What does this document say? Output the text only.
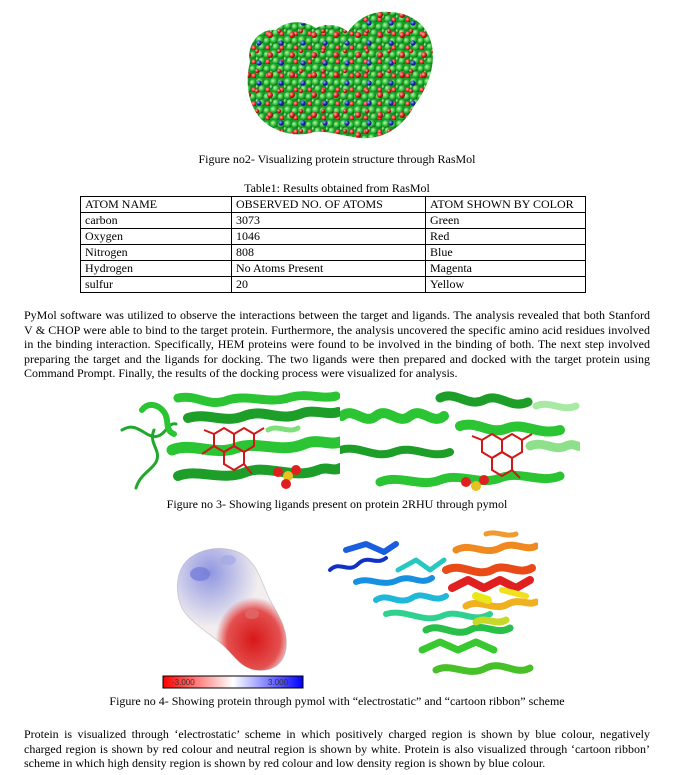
Figure no2- Visualizing protein structure through RasMol
Table1: Results obtained from RasMol
ATOM NAME	OBSERVED NO. OF ATOMS	ATOM SHOWN BY COLOR
carbon	3073	Green
Oxygen	1046	Red
Nitrogen	808	Blue
Hydrogen	No Atoms Present	Magenta
sulfur	20	Yellow
PyMol software was utilized to observe the interactions between the target and ligands. The analysis revealed that both Stanford V & CHOP were able to bind to the target protein. Furthermore, the analysis uncovered the specific amino acid residues involved in the binding interaction. Specifically, HEM proteins were found to be involved in the binding of both. The next step involved preparing the target and the ligands for docking. The two ligands were then prepared and docked with the target protein using Command Prompt. Finally, the results of the docking process were visualized for analysis.
Figure no 3- Showing ligands present on protein 2RHU through pymol
-3.000	3.000
Figure no 4- Showing protein through pymol with “electrostatic” and “cartoon ribbon” scheme
Protein is visualized through ‘electrostatic’ scheme in which positively charged region is shown by blue colour, negatively charged region is shown by red colour and neutral region is shown by white. Protein is also visualized through ‘cartoon ribbon’ scheme in which high density region is shown by red colour and low density region is shown by blue colour.
